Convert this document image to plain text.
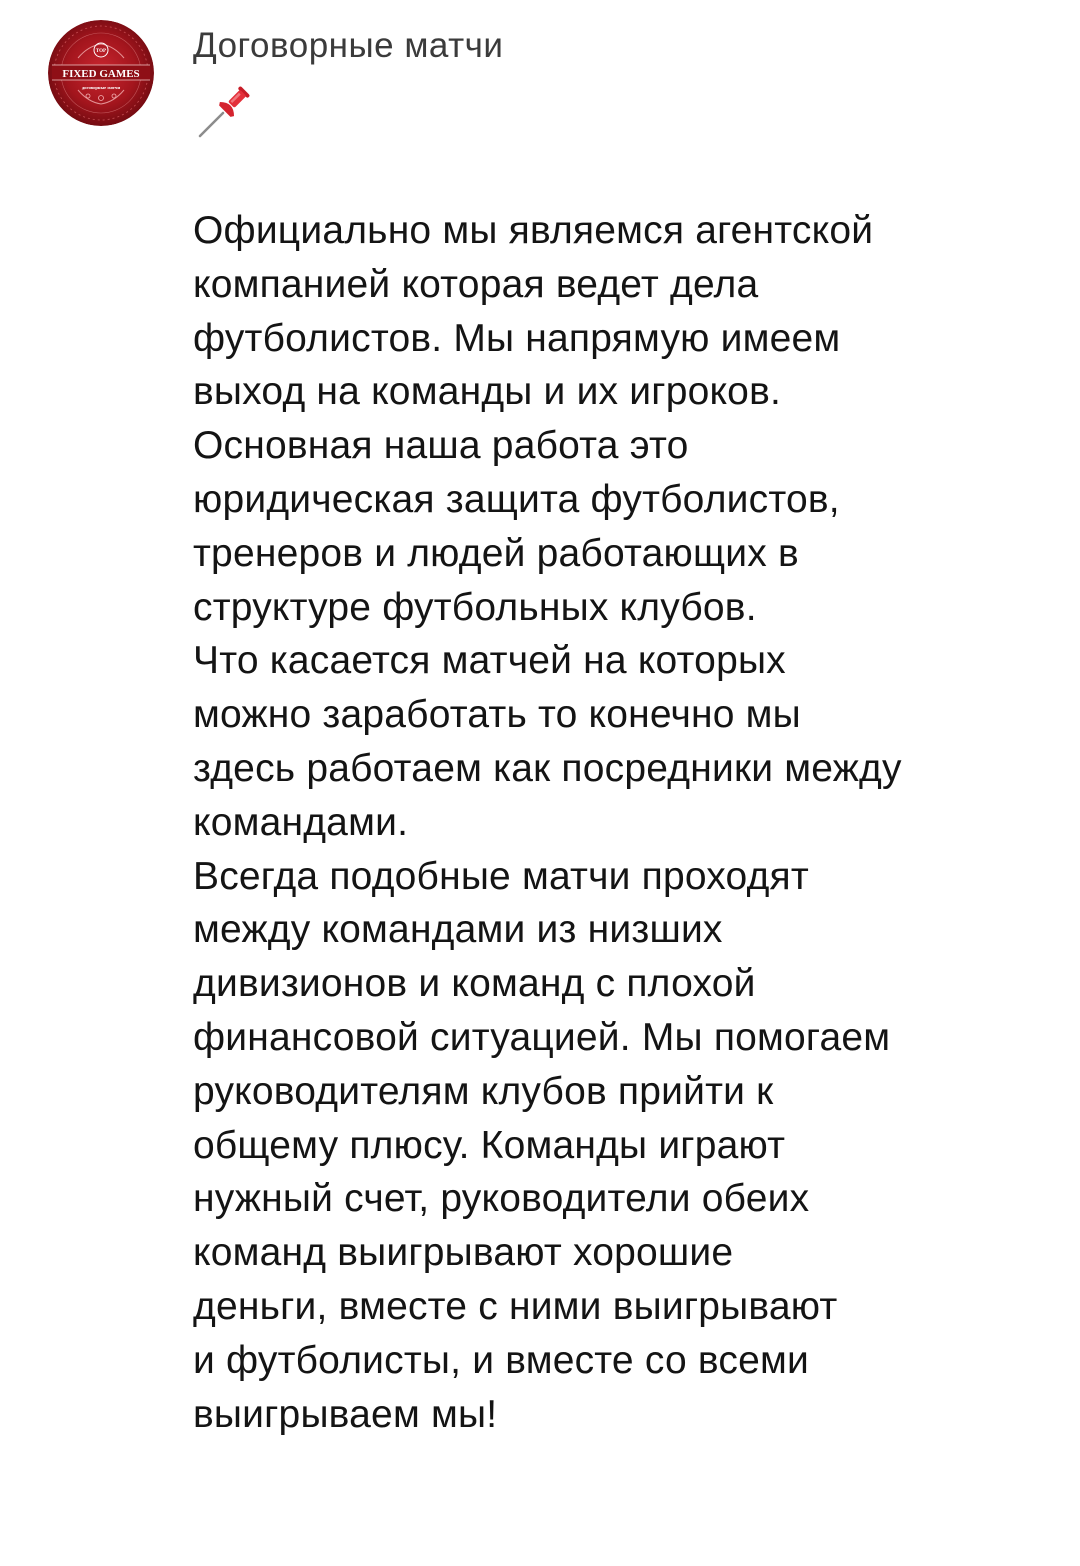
TOP
FIXED GAMES
договорные матчи
Договорные матчи
Официально мы являемся агентской
компанией которая ведет дела
футболистов. Мы напрямую имеем
выход на команды и их игроков.
Основная наша работа это
юридическая защита футболистов,
тренеров и людей работающих в
структуре футбольных клубов.
Что касается матчей на которых
можно заработать то конечно мы
здесь работаем как посредники между
командами.
Всегда подобные матчи проходят
между командами из низших
дивизионов и команд с плохой
финансовой ситуацией. Мы помогаем
руководителям клубов прийти к
общему плюсу. Команды играют
нужный счет, руководители обеих
команд выигрывают хорошие
деньги, вместе с ними выигрывают
и футболисты, и вместе со всеми
выигрываем мы!
